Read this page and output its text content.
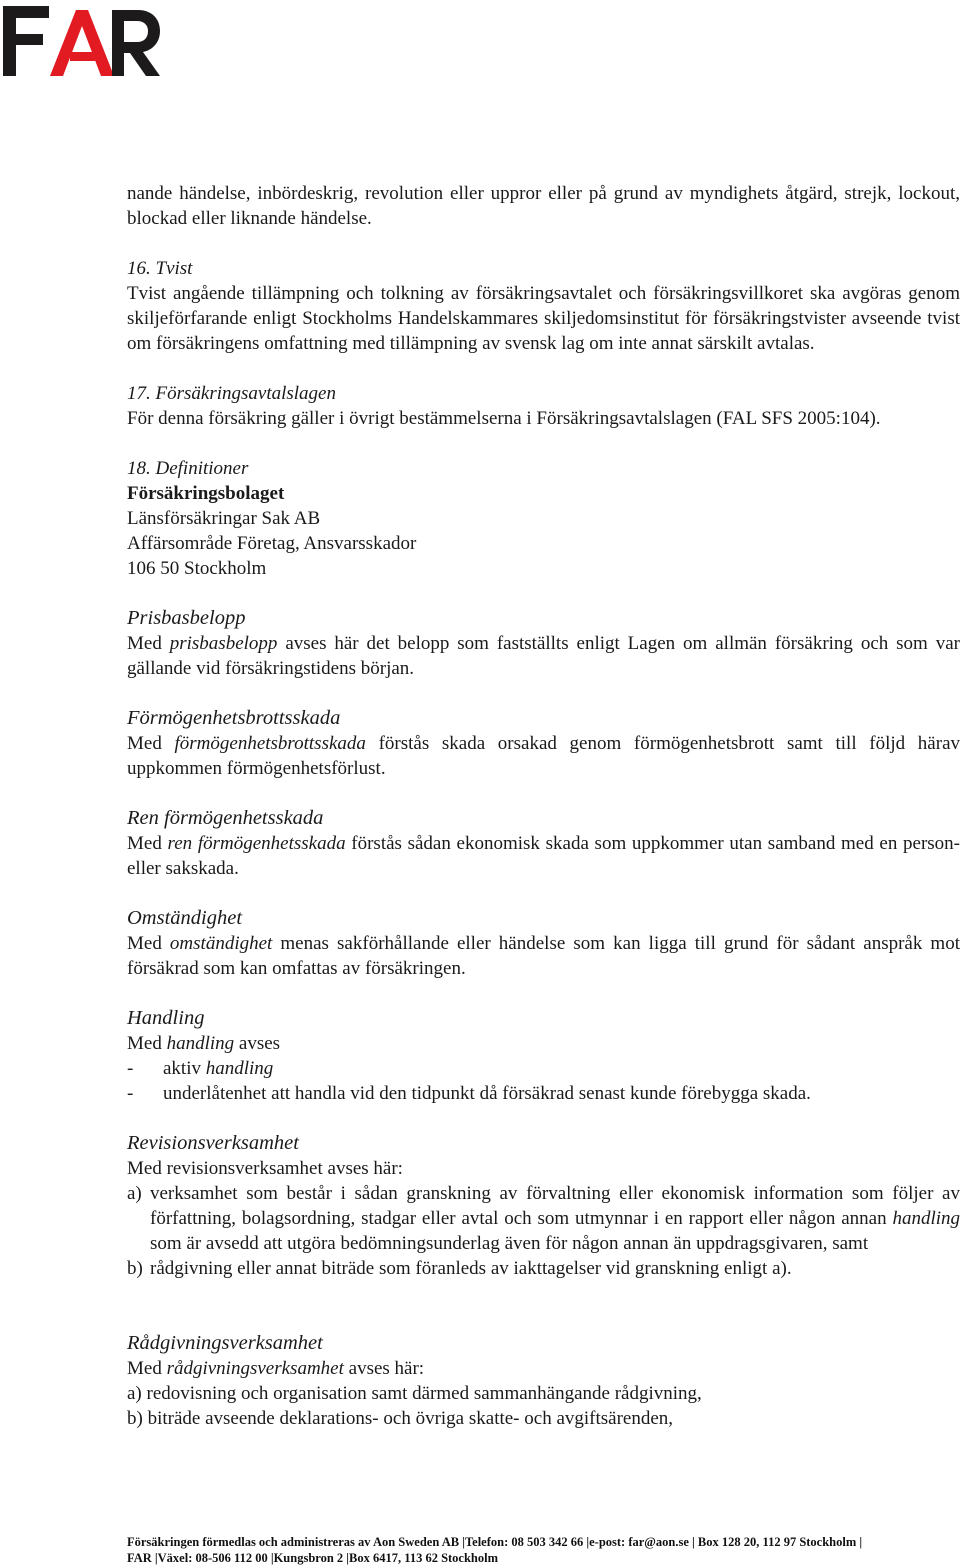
nande händelse, inbördeskrig, revolution eller uppror eller på grund av myndighets åtgärd, strejk, lockout, blockad eller liknande händelse.

16. Tvist

Tvist angående tillämpning och tolkning av försäkringsavtalet och försäkringsvillkoret ska avgöras genom skiljeförfarande enligt Stockholms Handelskammares skiljedomsinstitut för försäkringstvister avseende tvist om försäkringens omfattning med tillämpning av svensk lag om inte annat särskilt avtalas.

17. Försäkringsavtalslagen

För denna försäkring gäller i övrigt bestämmelserna i Försäkringsavtalslagen (FAL SFS 2005:104).

18. Definitioner

Försäkringsbolaget

Länsförsäkringar Sak AB

Affärsområde Företag, Ansvarsskador

106 50 Stockholm

Prisbasbelopp

Med prisbasbelopp avses här det belopp som fastställts enligt Lagen om allmän försäkring och som var gällande vid försäkringstidens början.

Förmögenhetsbrottsskada

Med förmögenhetsbrottsskada förstås skada orsakad genom förmögenhetsbrott samt till följd härav uppkommen förmögenhetsförlust.

Ren förmögenhetsskada

Med ren förmögenhetsskada förstås sådan ekonomisk skada som uppkommer utan samband med en person- eller sakskada.

Omständighet

Med omständighet menas sakförhållande eller händelse som kan ligga till grund för sådant anspråk mot försäkrad som kan omfattas av försäkringen.

Handling

Med handling avses

-	aktiv handling
-	underlåtenhet att handla vid den tidpunkt då försäkrad senast kunde förebygga skada.

Revisionsverksamhet

Med revisionsverksamhet avses här:

a) verksamhet som består i sådan granskning av förvaltning eller ekonomisk information som följer av författning, bolagsordning, stadgar eller avtal och som utmynnar i en rapport eller någon annan handling som är avsedd att utgöra bedömningsunderlag även för någon annan än uppdragsgivaren, samt
b) rådgivning eller annat biträde som föranleds av iakttagelser vid granskning enligt a).

Rådgivningsverksamhet

Med rådgivningsverksamhet avses här:

a) redovisning och organisation samt därmed sammanhängande rådgivning,

b) biträde avseende deklarations- och övriga skatte- och avgiftsärenden,

Försäkringen förmedlas och administreras av Aon Sweden AB |Telefon: 08 503 342 66 |e-post: far@aon.se | Box 128 20, 112 97 Stockholm |
FAR |Växel: 08-506 112 00 |Kungsbron 2 |Box 6417, 113 62 Stockholm
